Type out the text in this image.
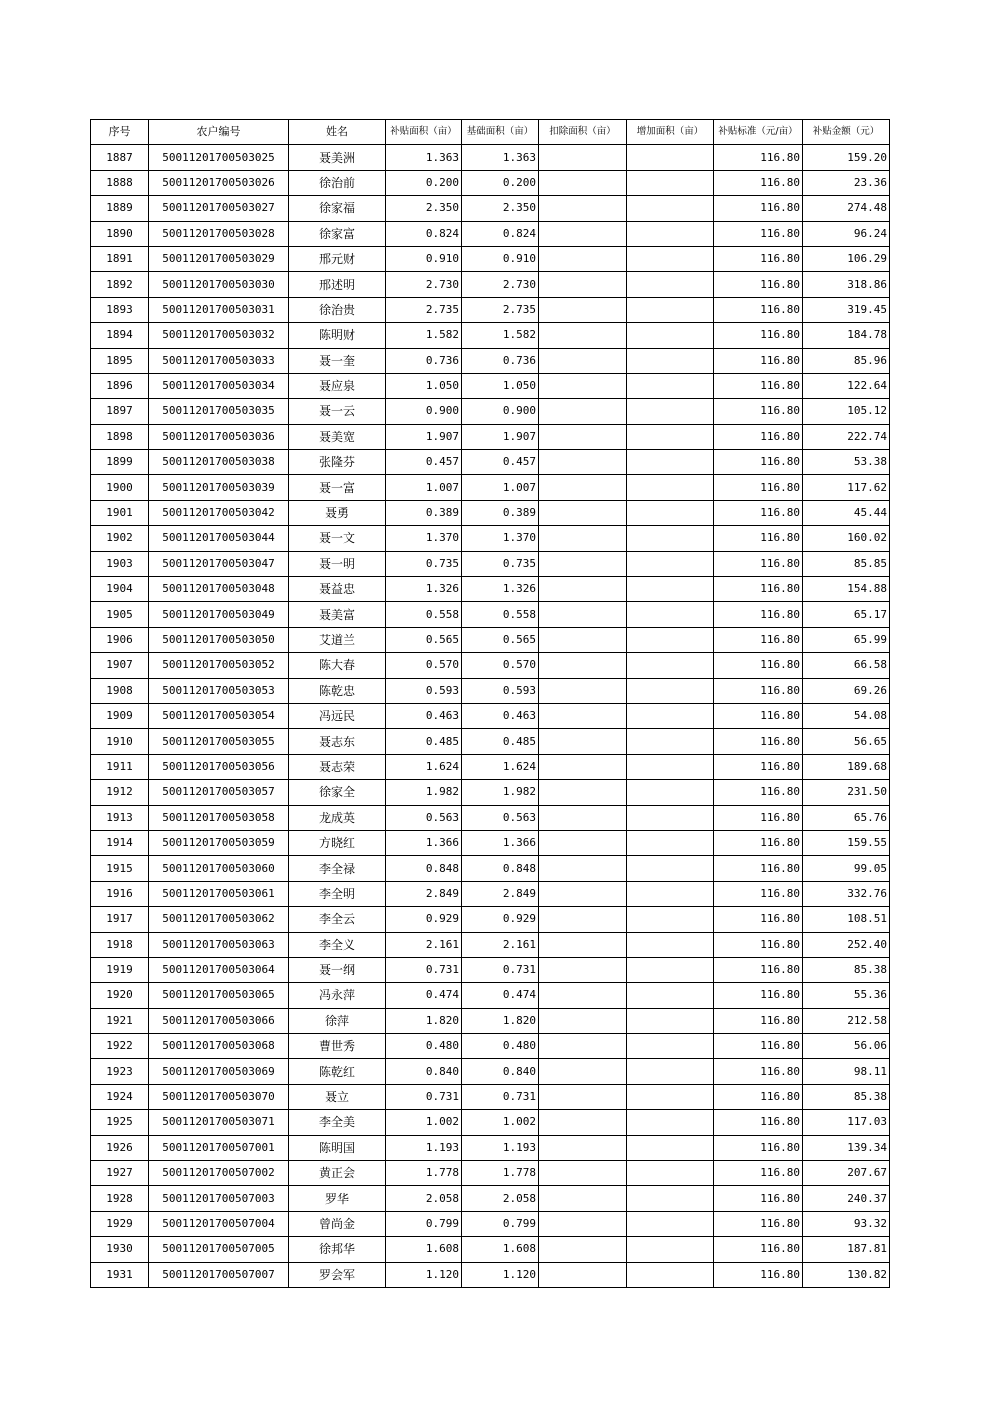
序号	农户编号	姓名	补贴面积（亩）	基础面积（亩）	扣除面积（亩）	增加面积（亩）	补贴标准（元/亩）	补贴金额（元）
1887	50011201700503025	聂美洲	1.363	1.363			116.80	159.20
1888	50011201700503026	徐治前	0.200	0.200			116.80	23.36
1889	50011201700503027	徐家福	2.350	2.350			116.80	274.48
1890	50011201700503028	徐家富	0.824	0.824			116.80	96.24
1891	50011201700503029	邢元财	0.910	0.910			116.80	106.29
1892	50011201700503030	邢述明	2.730	2.730			116.80	318.86
1893	50011201700503031	徐治贵	2.735	2.735			116.80	319.45
1894	50011201700503032	陈明财	1.582	1.582			116.80	184.78
1895	50011201700503033	聂一奎	0.736	0.736			116.80	85.96
1896	50011201700503034	聂应泉	1.050	1.050			116.80	122.64
1897	50011201700503035	聂一云	0.900	0.900			116.80	105.12
1898	50011201700503036	聂美宽	1.907	1.907			116.80	222.74
1899	50011201700503038	张隆芬	0.457	0.457			116.80	53.38
1900	50011201700503039	聂一富	1.007	1.007			116.80	117.62
1901	50011201700503042	聂勇	0.389	0.389			116.80	45.44
1902	50011201700503044	聂一文	1.370	1.370			116.80	160.02
1903	50011201700503047	聂一明	0.735	0.735			116.80	85.85
1904	50011201700503048	聂益忠	1.326	1.326			116.80	154.88
1905	50011201700503049	聂美富	0.558	0.558			116.80	65.17
1906	50011201700503050	艾道兰	0.565	0.565			116.80	65.99
1907	50011201700503052	陈大春	0.570	0.570			116.80	66.58
1908	50011201700503053	陈乾忠	0.593	0.593			116.80	69.26
1909	50011201700503054	冯远民	0.463	0.463			116.80	54.08
1910	50011201700503055	聂志东	0.485	0.485			116.80	56.65
1911	50011201700503056	聂志荣	1.624	1.624			116.80	189.68
1912	50011201700503057	徐家全	1.982	1.982			116.80	231.50
1913	50011201700503058	龙成英	0.563	0.563			116.80	65.76
1914	50011201700503059	方晓红	1.366	1.366			116.80	159.55
1915	50011201700503060	李全禄	0.848	0.848			116.80	99.05
1916	50011201700503061	李全明	2.849	2.849			116.80	332.76
1917	50011201700503062	李全云	0.929	0.929			116.80	108.51
1918	50011201700503063	李全义	2.161	2.161			116.80	252.40
1919	50011201700503064	聂一纲	0.731	0.731			116.80	85.38
1920	50011201700503065	冯永萍	0.474	0.474			116.80	55.36
1921	50011201700503066	徐萍	1.820	1.820			116.80	212.58
1922	50011201700503068	曹世秀	0.480	0.480			116.80	56.06
1923	50011201700503069	陈乾红	0.840	0.840			116.80	98.11
1924	50011201700503070	聂立	0.731	0.731			116.80	85.38
1925	50011201700503071	李全美	1.002	1.002			116.80	117.03
1926	50011201700507001	陈明国	1.193	1.193			116.80	139.34
1927	50011201700507002	黄正会	1.778	1.778			116.80	207.67
1928	50011201700507003	罗华	2.058	2.058			116.80	240.37
1929	50011201700507004	曾尚金	0.799	0.799			116.80	93.32
1930	50011201700507005	徐邦华	1.608	1.608			116.80	187.81
1931	50011201700507007	罗会军	1.120	1.120			116.80	130.82
